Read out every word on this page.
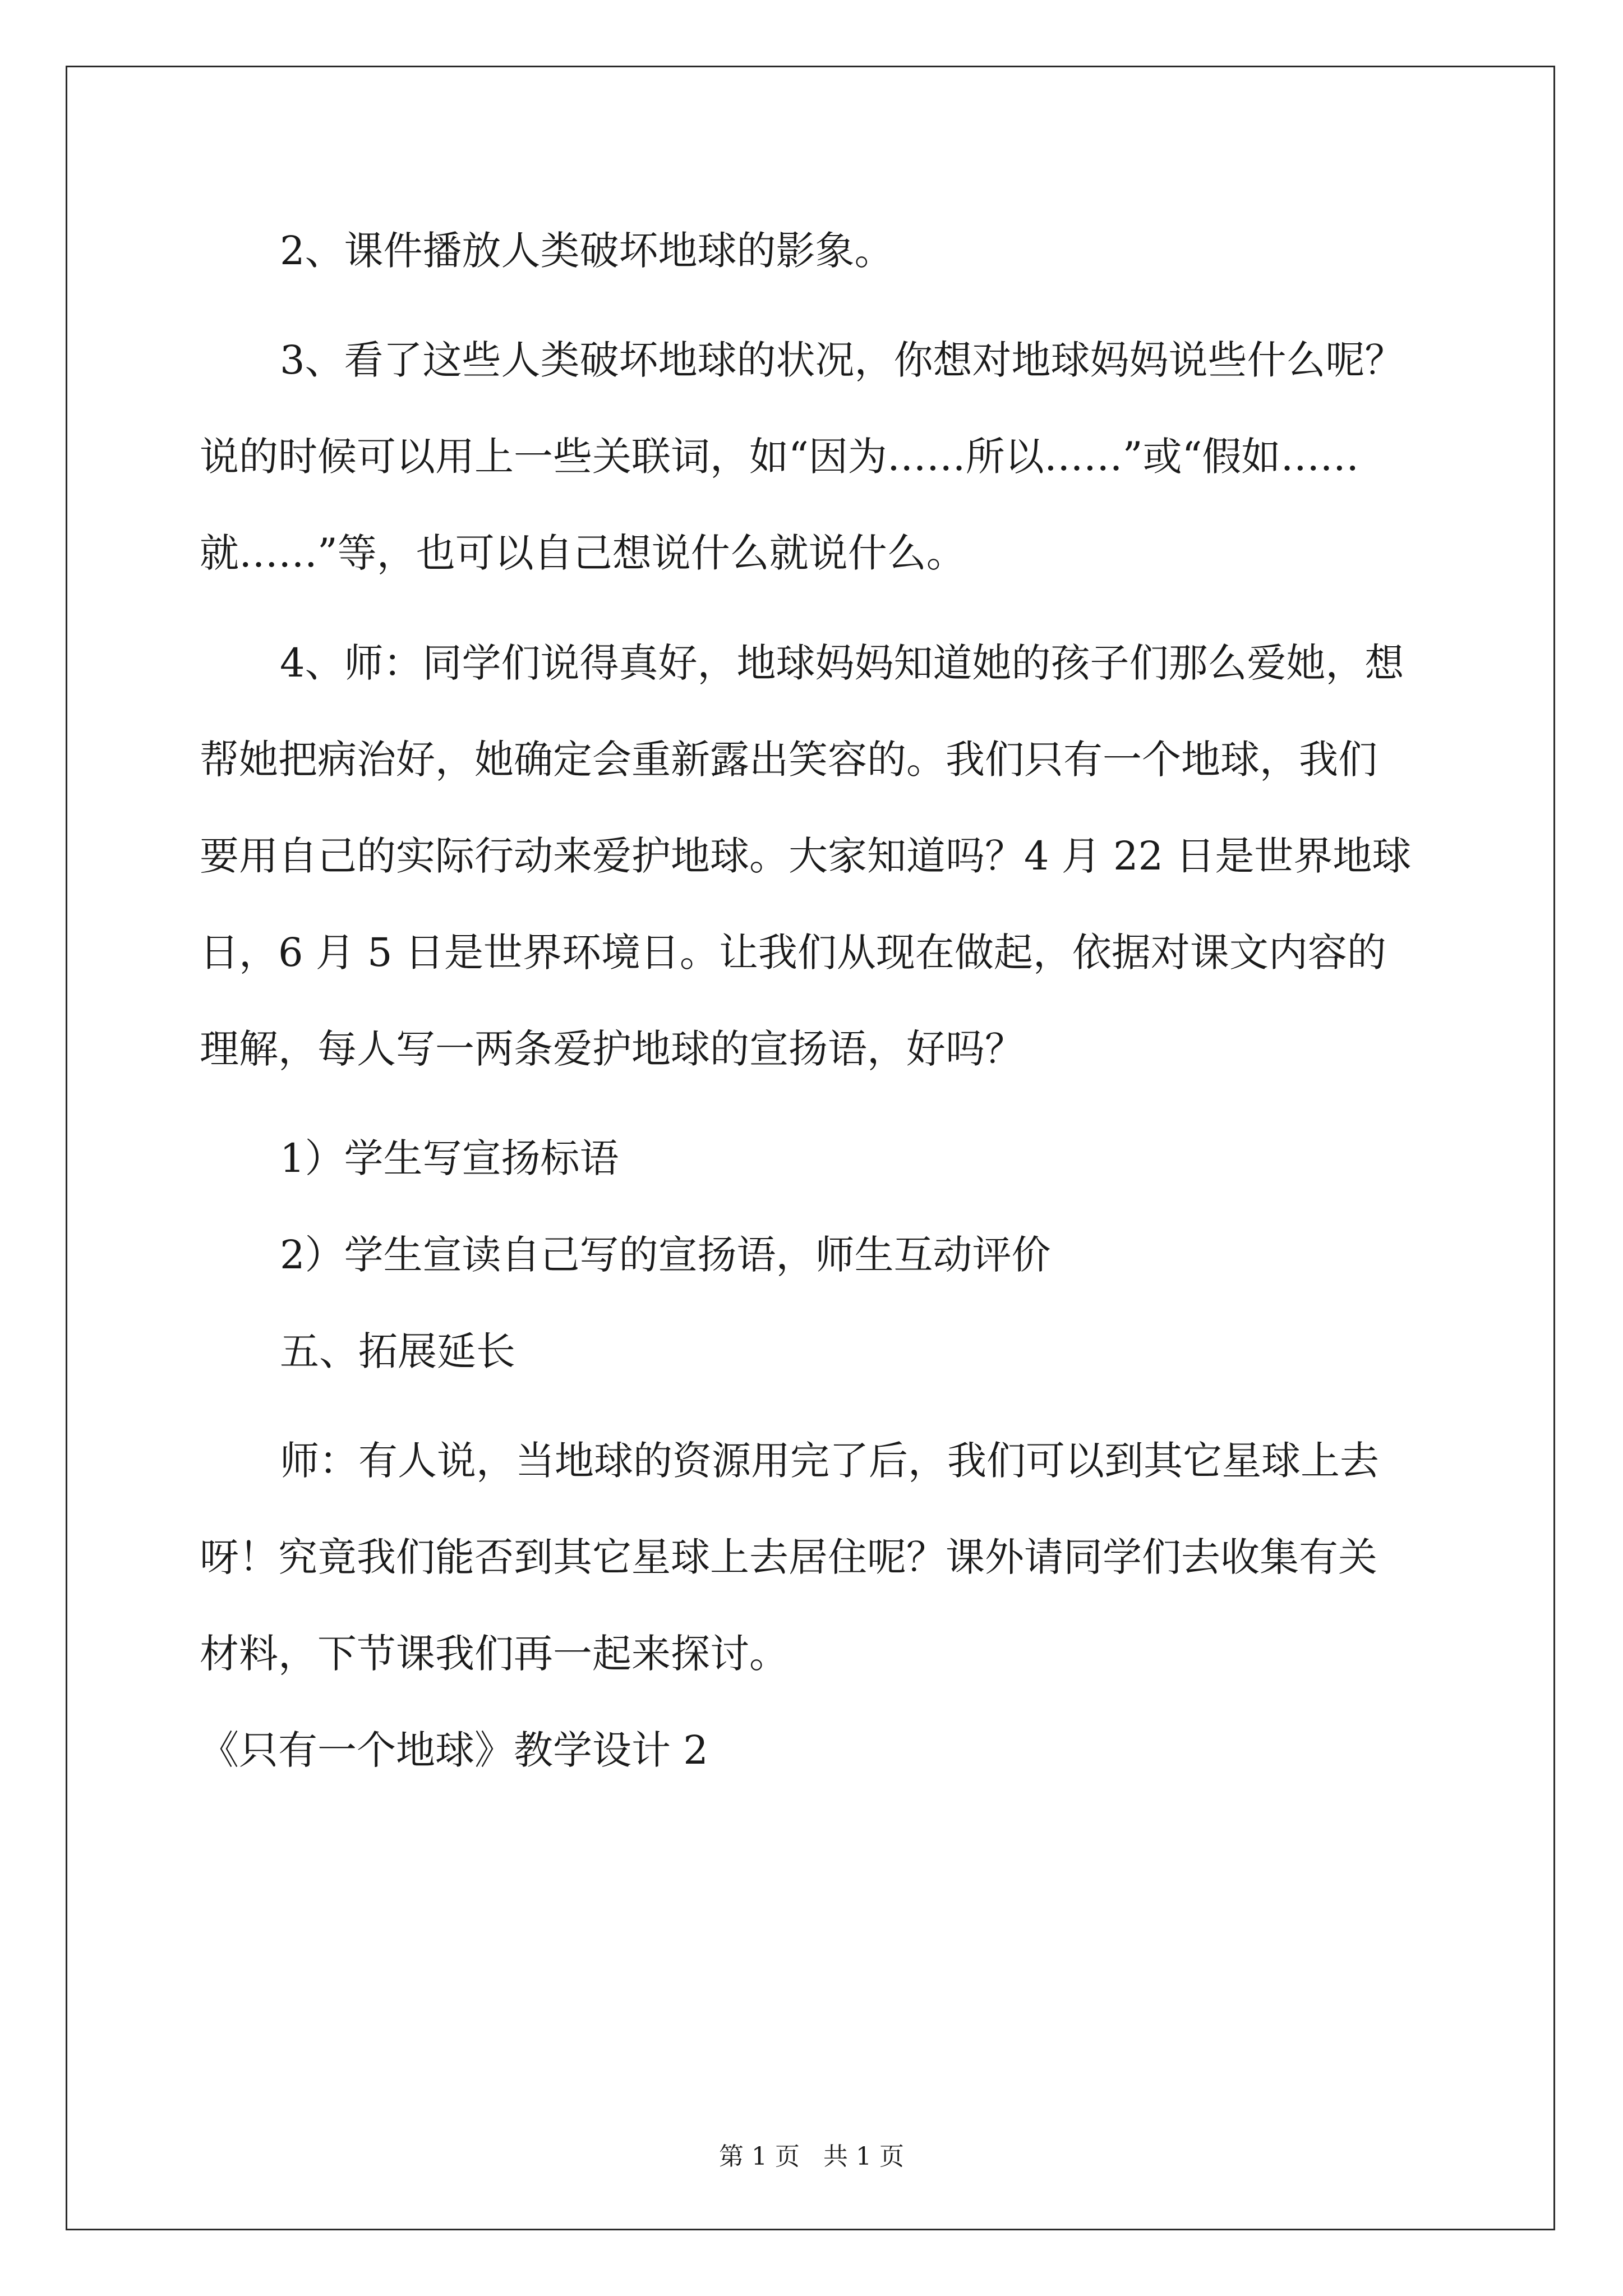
2、课件播放人类破坏地球的影象。
3、看了这些人类破坏地球的状况，你想对地球妈妈说些什么呢？
说的时候可以用上一些关联词，如“因为……所以……”或“假如……
就……”等，也可以自己想说什么就说什么。
4、师：同学们说得真好，地球妈妈知道她的孩子们那么爱她，想
帮她把病治好，她确定会重新露出笑容的。我们只有一个地球，我们
要用自己的实际行动来爱护地球。大家知道吗？4 月 22 日是世界地球
日，6 月 5 日是世界环境日。让我们从现在做起，依据对课文内容的
理解，每人写一两条爱护地球的宣扬语，好吗？
1）学生写宣扬标语
2）学生宣读自己写的宣扬语，师生互动评价
五、拓展延长
师：有人说，当地球的资源用完了后，我们可以到其它星球上去
呀！究竟我们能否到其它星球上去居住呢？课外请同学们去收集有关
材料，下节课我们再一起来探讨。
《只有一个地球》教学设计 2
第 1 页   共 1 页
